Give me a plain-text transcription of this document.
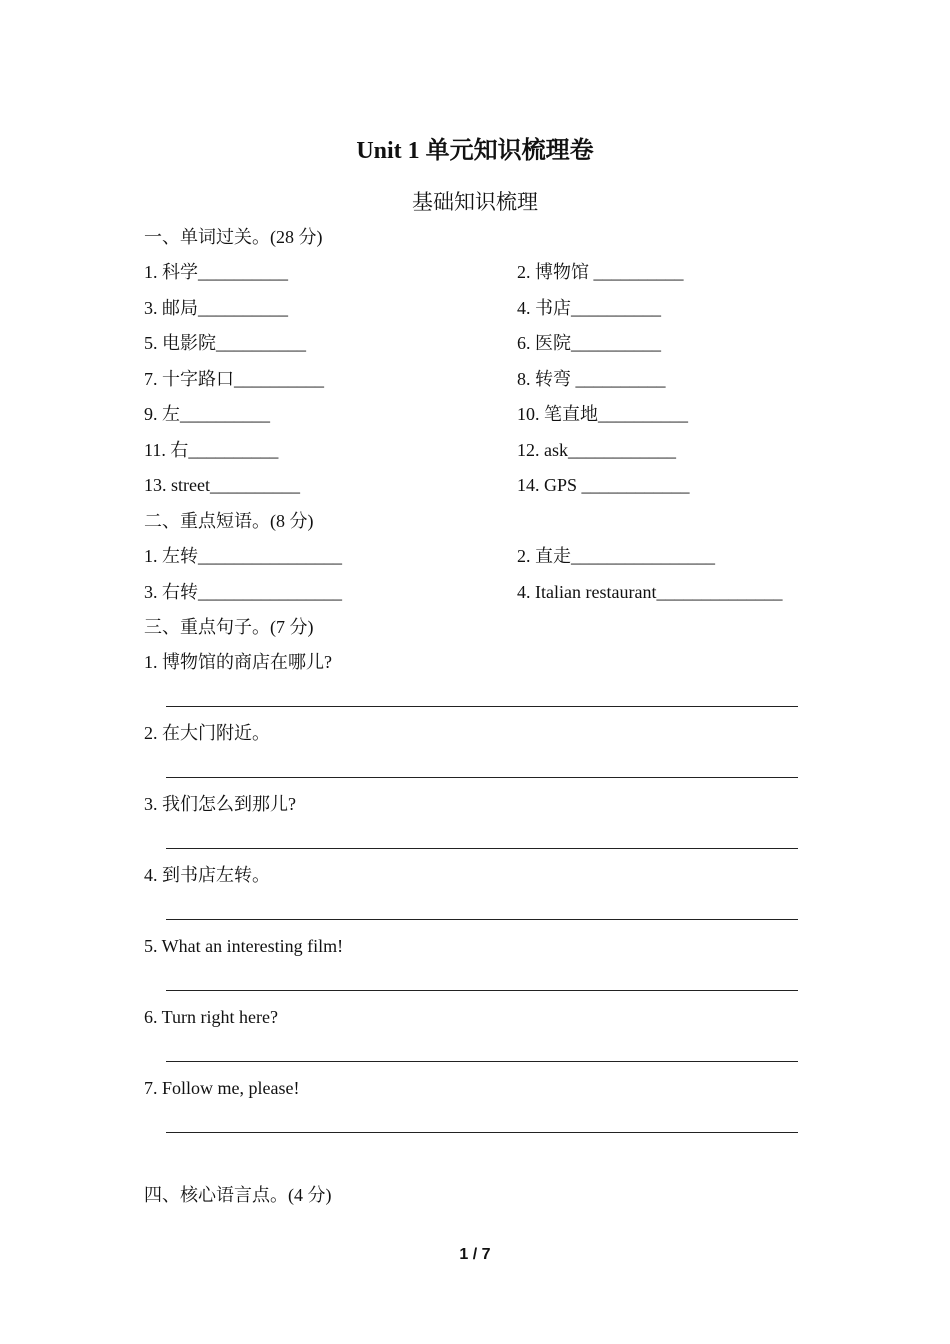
Unit 1 单元知识梳理卷
基础知识梳理
一、单词过关。(28 分)
1. 科学__________	2. 博物馆 __________
3. 邮局__________	4. 书店__________
5. 电影院__________	6. 医院__________
7. 十字路口__________	8. 转弯 __________
9. 左__________	10. 笔直地__________
11. 右__________	12. ask____________
13. street__________	14. GPS ____________
二、重点短语。(8 分)
1. 左转________________	2. 直走________________
3. 右转________________	4. Italian restaurant______________
三、重点句子。(7 分)
1. 博物馆的商店在哪儿?
2. 在大门附近。
3. 我们怎么到那儿?
4. 到书店左转。
5. What an interesting film!
6. Turn right here?
7. Follow me, please!
四、核心语言点。(4 分)
1 / 7
